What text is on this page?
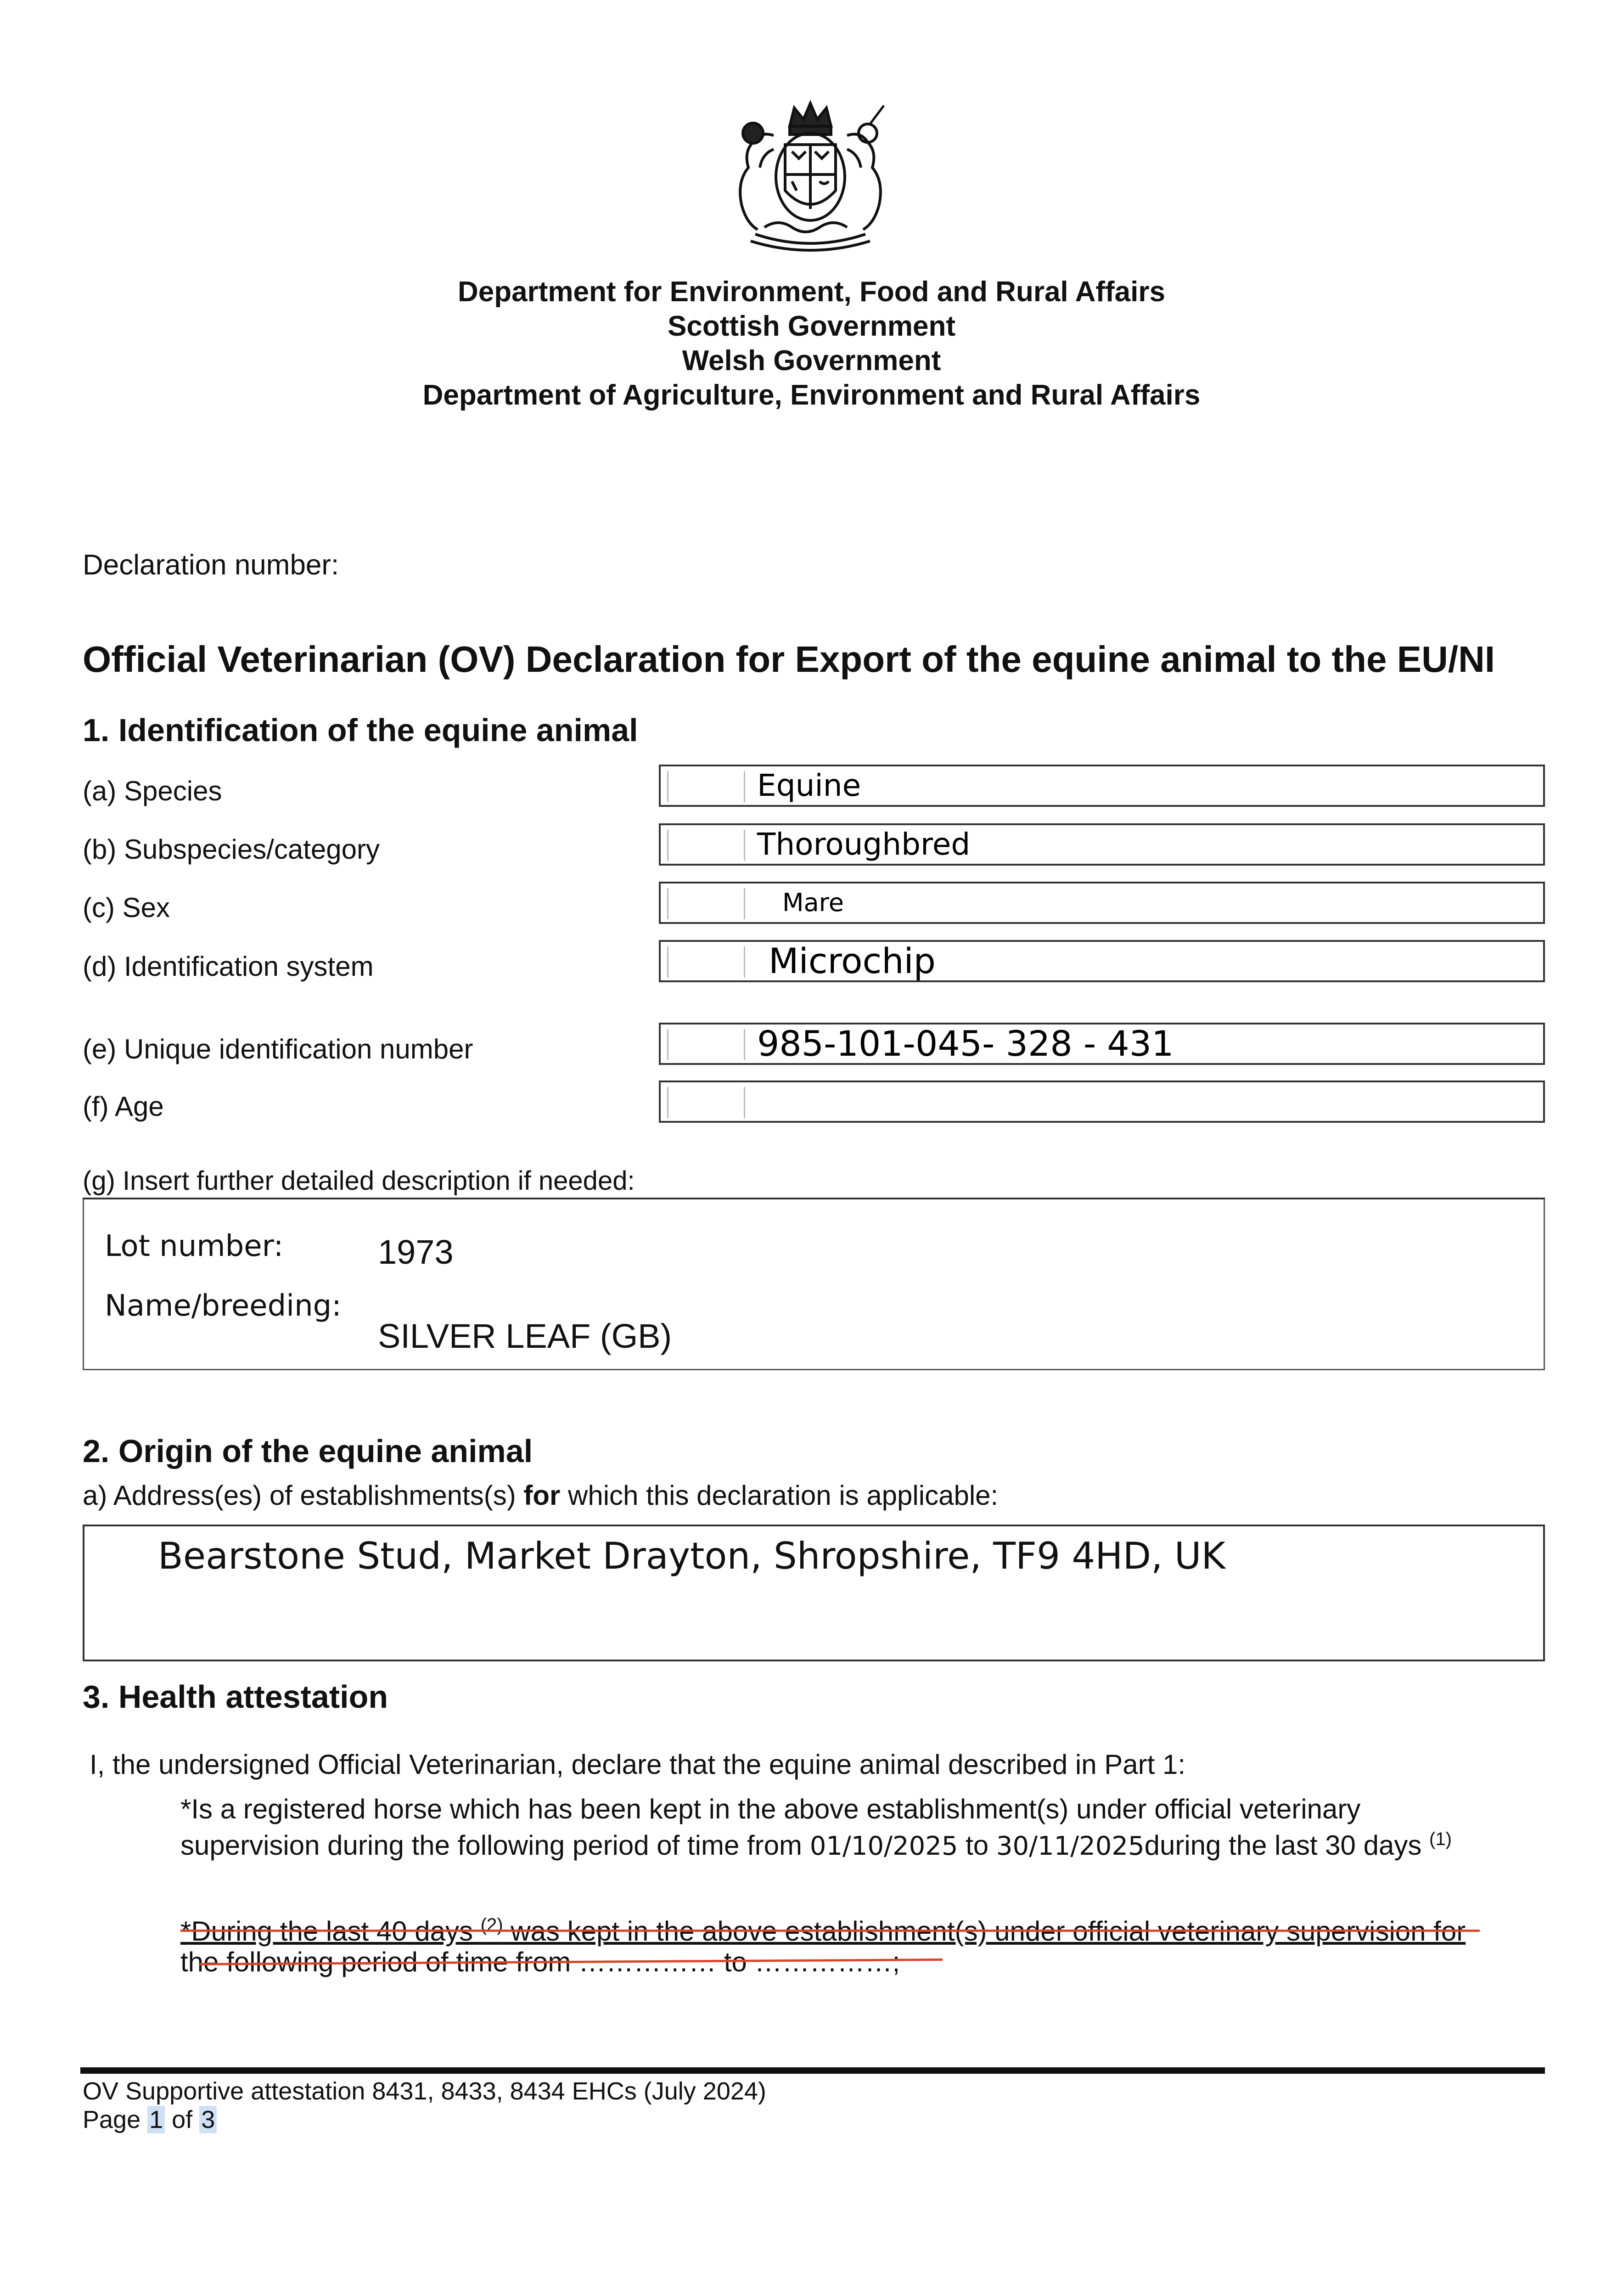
Department for Environment, Food and Rural Affairs
Scottish Government
Welsh Government
Department of Agriculture, Environment and Rural Affairs
Declaration number:
Official Veterinarian (OV) Declaration for Export of the equine animal to the EU/NI
1. Identification of the equine animal
(a) Species	Equine
(b) Subspecies/category	Thoroughbred
(c) Sex	Mare
(d) Identification system	Microchip
(e) Unique identification number	985-101-045- 328 - 431
(f) Age
(g) Insert further detailed description if needed:
Lot number:	1973
Name/breeding:
SILVER LEAF (GB)
2. Origin of the equine animal
a) Address(es) of establishments(s) for which this declaration is applicable:
Bearstone Stud, Market Drayton, Shropshire, TF9 4HD, UK
3. Health attestation
I, the undersigned Official Veterinarian, declare that the equine animal described in Part 1:
*Is a registered horse which has been kept in the above establishment(s) under official veterinary
supervision during the following period of time from 01/10/2025 to 30/11/2025during the last 30 days $^{(1)}$
*During the last 40 days $^{(2)}$ was kept in the above establishment(s) under official veterinary supervision for
the following period of time from …………… to ……………;
OV Supportive attestation 8431, 8433, 8434 EHCs (July 2024)
Page 1 of 3
